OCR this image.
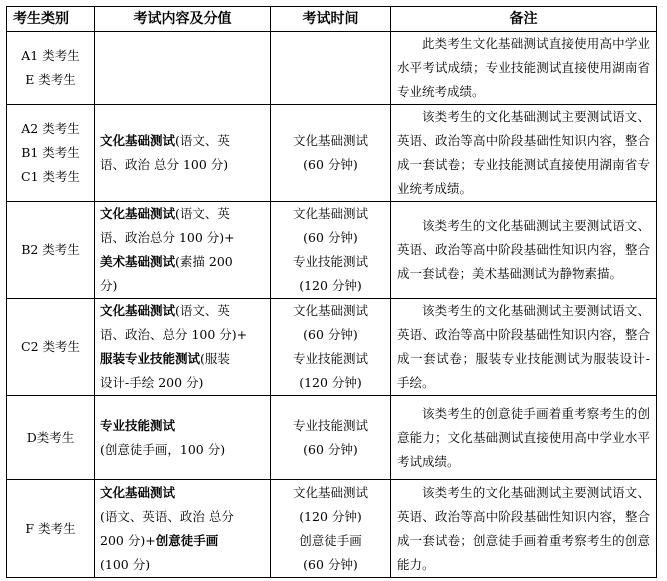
考生类别	考试内容及分值	考试时间	备注

A1 类考生
E 类考生			此类考生文化基础测试直接使用高中学业水平考试成绩；专业技能测试直接使用湖南省专业统考成绩。

A2 类考生
B1 类考生
C1 类考生	文化基础测试(语文、英
语、政治 总分 100 分)	文化基础测试
(60 分钟)	该类考生的文化基础测试主要测试语文、英语、政治等高中阶段基础性知识内容，整合成一套试卷；专业技能测试直接使用湖南省专业统考成绩。

B2 类考生	文化基础测试(语文、英
语、政治总分 100 分)+
美术基础测试(素描 200
分)	文化基础测试
(60 分钟)
专业技能测试
(120 分钟)	该类考生的文化基础测试主要测试语文、英语、政治等高中阶段基础性知识内容，整合成一套试卷；美术基础测试为静物素描。

C2 类考生	文化基础测试(语文、英
语、政治、总分 100 分)+
服装专业技能测试(服装
设计-手绘 200 分)	文化基础测试
(60 分钟)
专业技能测试
(120 分钟)	该类考生的文化基础测试主要测试语文、英语、政治等高中阶段基础性知识内容，整合成一套试卷；服装专业技能测试为服装设计-手绘。

D类考生	专业技能测试
(创意徒手画，100 分)	专业技能测试
(60 分钟)	该类考生的创意徒手画着重考察考生的创意能力；文化基础测试直接使用高中学业水平考试成绩。

F 类考生	文化基础测试
(语文、英语、政治 总分
200 分)+创意徒手画
(100 分)	文化基础测试
(120 分钟)
创意徒手画
(60 分钟)	该类考生的文化基础测试主要测试语文、英语、政治等高中阶段基础性知识内容，整合成一套试卷；创意徒手画着重考察考生的创意能力。
